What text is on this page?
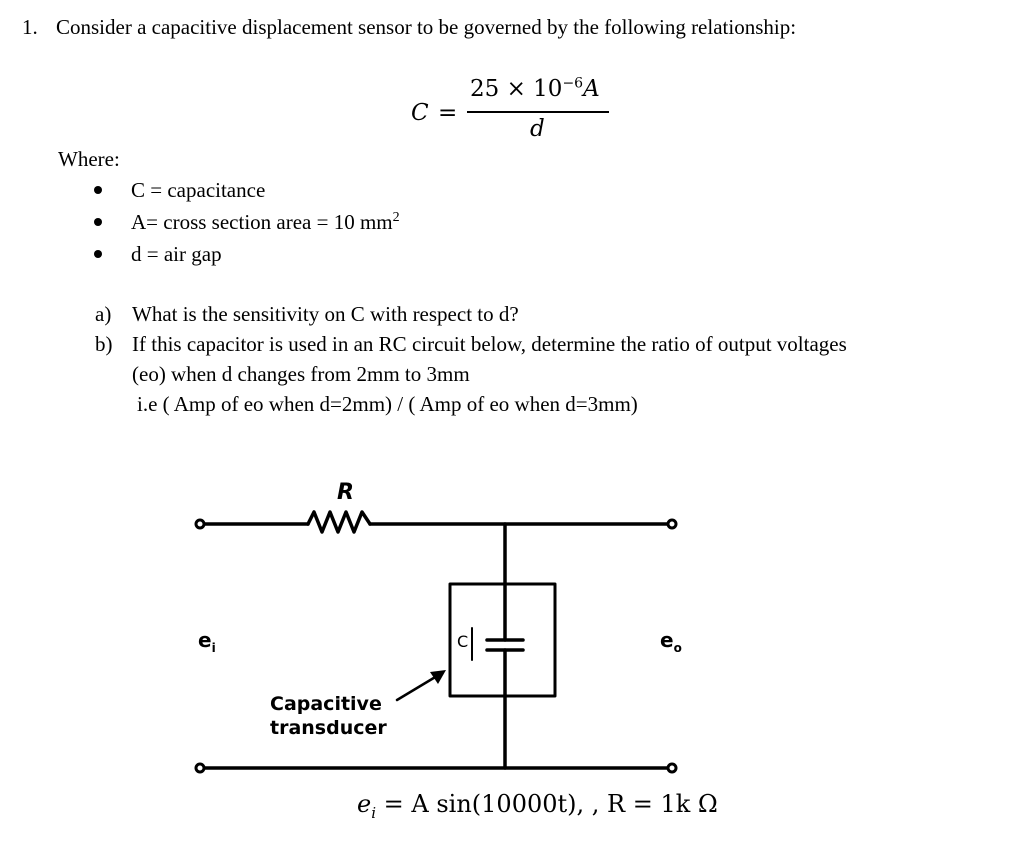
1. Consider a capacitive displacement sensor to be governed by the following relationship:
C =
$25 \times 10^{-6}A$
d
Where:
C = capacitance
A= cross section area = 10 $mm^2$
d = air gap
a) What is the sensitivity on C with respect to d?
b) If this capacitor is used in an RC circuit below, determine the ratio of output voltages
(eo) when d changes from 2mm to 3mm
i.e ( Amp of eo when d=2mm) / ( Amp of eo when d=3mm)
R
$e_i$	$e_o$
C
Capacitive
transducer
$e_i = A$ sin(10000t), , R = 1k Ω
